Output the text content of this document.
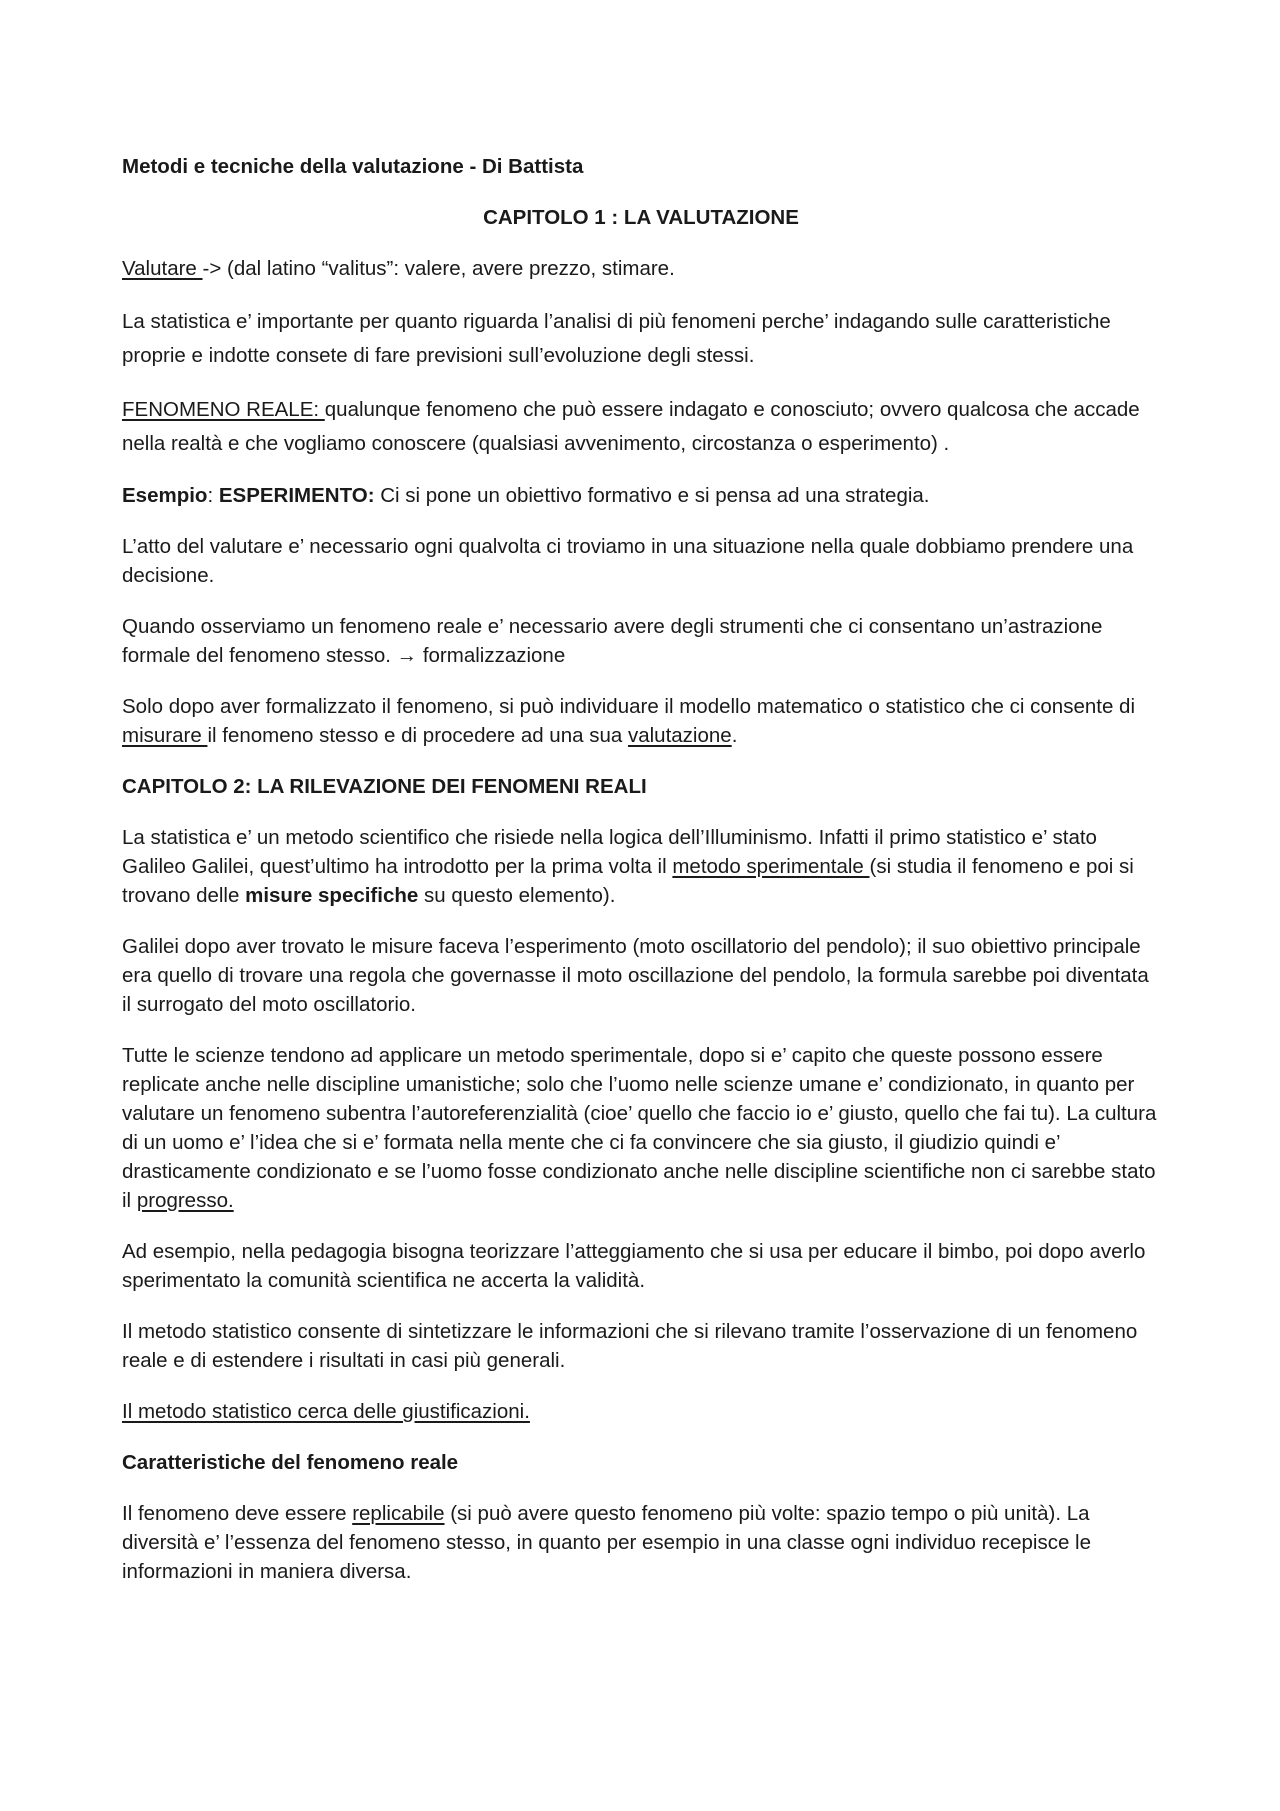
Metodi e tecniche della valutazione - Di Battista

CAPITOLO 1 : LA VALUTAZIONE

Valutare -> (dal latino “valitus”: valere, avere prezzo, stimare.

La statistica e’ importante per quanto riguarda l’analisi di più fenomeni perche’ indagando sulle caratteristiche proprie e indotte consete di fare previsioni sull’evoluzione degli stessi.

FENOMENO REALE: qualunque fenomeno che può essere indagato e conosciuto; ovvero qualcosa che accade nella realtà e che vogliamo conoscere (qualsiasi avvenimento, circostanza o esperimento) .

Esempio: ESPERIMENTO: Ci si pone un obiettivo formativo e si pensa ad una strategia.

L’atto del valutare e’ necessario ogni qualvolta ci troviamo in una situazione nella quale dobbiamo prendere una decisione.

Quando osserviamo un fenomeno reale e’ necessario avere degli strumenti che ci consentano un’astrazione formale del fenomeno stesso. → formalizzazione

Solo dopo aver formalizzato il fenomeno, si può individuare il modello matematico o statistico che ci consente di misurare il fenomeno stesso e di procedere ad una sua valutazione.

CAPITOLO 2: LA RILEVAZIONE DEI FENOMENI REALI

La statistica e’ un metodo scientifico che risiede nella logica dell’Illuminismo. Infatti il primo statistico e’ stato Galileo Galilei, quest’ultimo ha introdotto per la prima volta il metodo sperimentale (si studia il fenomeno e poi si trovano delle misure specifiche su questo elemento).

Galilei dopo aver trovato le misure faceva l’esperimento (moto oscillatorio del pendolo); il suo obiettivo principale era quello di trovare una regola che governasse il moto oscillazione del pendolo, la formula sarebbe poi diventata il surrogato del moto oscillatorio.

Tutte le scienze tendono ad applicare un metodo sperimentale, dopo si e’ capito che queste possono essere replicate anche nelle discipline umanistiche; solo che l’uomo nelle scienze umane e’ condizionato, in quanto per valutare un fenomeno subentra l’autoreferenzialità (cioe’ quello che faccio io e’ giusto, quello che fai tu). La cultura di un uomo e’ l’idea che si e’ formata nella mente che ci fa convincere che sia giusto, il giudizio quindi e’ drasticamente condizionato e se l’uomo fosse condizionato anche nelle discipline scientifiche non ci sarebbe stato il progresso.

Ad esempio, nella pedagogia bisogna teorizzare l’atteggiamento che si usa per educare il bimbo, poi dopo averlo sperimentato la comunità scientifica ne accerta la validità.

Il metodo statistico consente di sintetizzare le informazioni che si rilevano tramite l’osservazione di un fenomeno reale e di estendere i risultati in casi più generali.

Il metodo statistico cerca delle giustificazioni.

Caratteristiche del fenomeno reale

Il fenomeno deve essere replicabile (si può avere questo fenomeno più volte: spazio tempo o più unità). La diversità e’ l’essenza del fenomeno stesso, in quanto per esempio in una classe ogni individuo recepisce le informazioni in maniera diversa.
